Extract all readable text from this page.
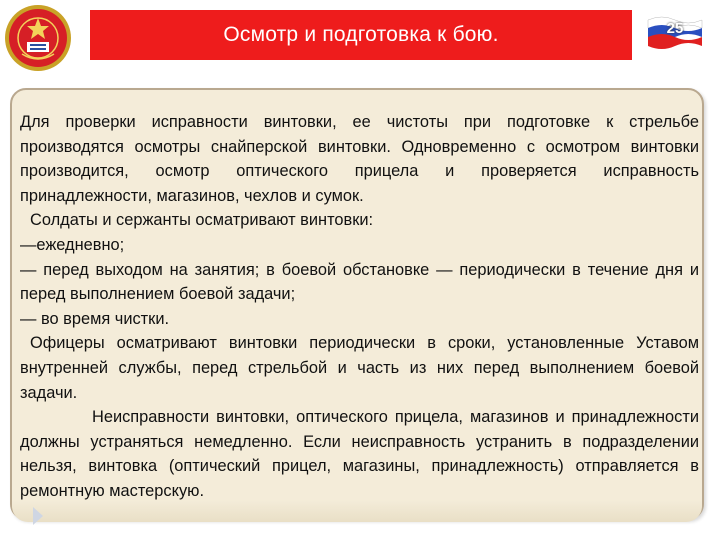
Осмотр и подготовка к бою.	25

Для проверки исправности винтовки, ее чистоты при подготовке к стрельбе производятся осмотры снайперской винтовки. Одновременно с осмотром винтовки производится, осмотр оптического прицела и проверяется исправность принадлежности, магазинов, чехлов и сумок.

Солдаты и сержанты осматривают винтовки:

—ежедневно;

— перед выходом на занятия; в боевой обстановке — периодически в течение дня и перед выполнением боевой задачи;

— во время чистки.

Офицеры осматривают винтовки периодически в сроки, установленные Уставом внутренней службы, перед стрельбой и часть из них перед выполнением боевой задачи.

Неисправности винтовки, оптического прицела, магазинов и принадлежности должны устраняться немедленно. Если неисправность устранить в подразделении нельзя, винтовка (оптический прицел, магазины, принадлежность) отправляется в ремонтную мастерскую.
